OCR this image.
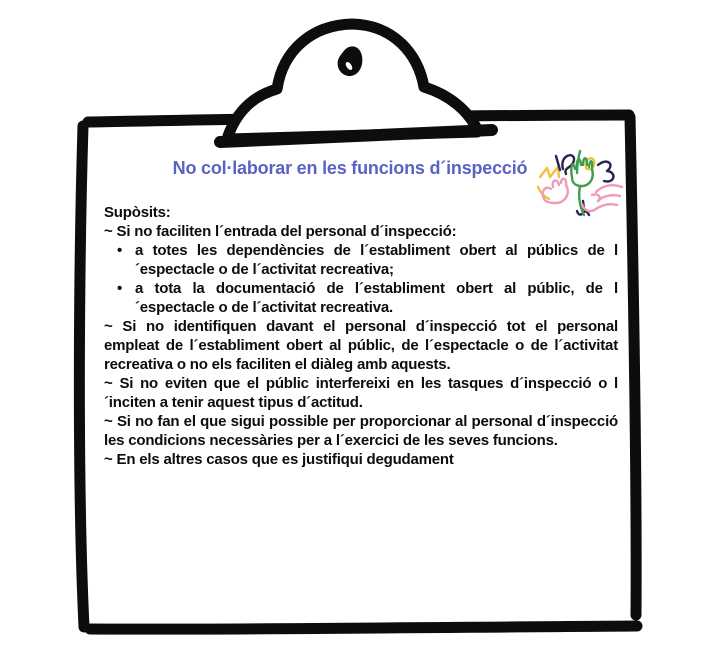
No col·laborar en les funcions d´inspecció

Supòsits:

~ Si no faciliten l´entrada del personal d´inspecció:

• a totes les dependències de l´establiment obert al públics de l´espectacle o de l´activitat recreativa;
• a tota la documentació de l´establiment obert al públic, de l´espectacle o de l´activitat recreativa.

~ Si no identifiquen davant el personal d´inspecció tot el personal empleat de l´establiment obert al públic, de l´espectacle o de l´activitat recreativa o no els faciliten el diàleg amb aquests.

~ Si no eviten que el públic interfereixi en les tasques d´inspecció o l´inciten a tenir aquest tipus d´actitud.

~ Si no fan el que sigui possible per proporcionar al personal d´inspecció les condicions necessàries per a l´exercici de les seves funcions.

~ En els altres casos que es justifiqui degudament
